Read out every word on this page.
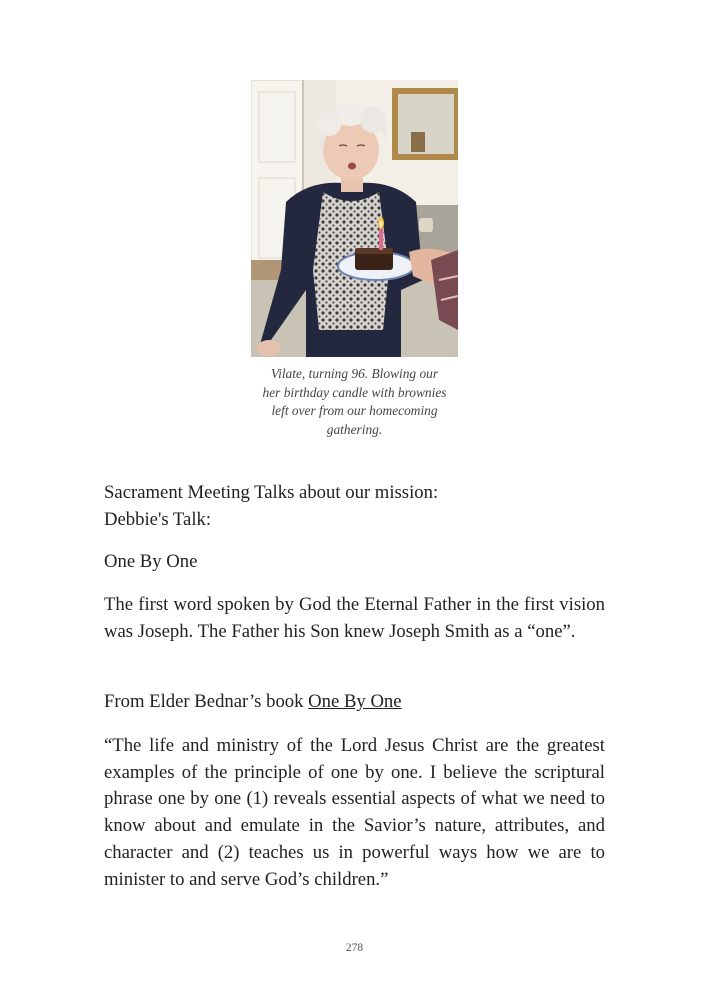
Vilate, turning 96. Blowing our
her birthday candle with brownies
left over from our homecoming
gathering.
Sacrament Meeting Talks about our mission:
Debbie's Talk:
One By One

The first word spoken by God the Eternal Father in the first vision was Joseph. The Father his Son knew Joseph Smith as a “one”.

From Elder Bednar’s book One By One

“The life and ministry of the Lord Jesus Christ are the greatest examples of the principle of one by one. I believe the scriptural phrase one by one (1) reveals essential aspects of what we need to know about and emulate in the Savior’s nature, attributes, and character and (2) teaches us in powerful ways how we are to minister to and serve God’s children.”

278
